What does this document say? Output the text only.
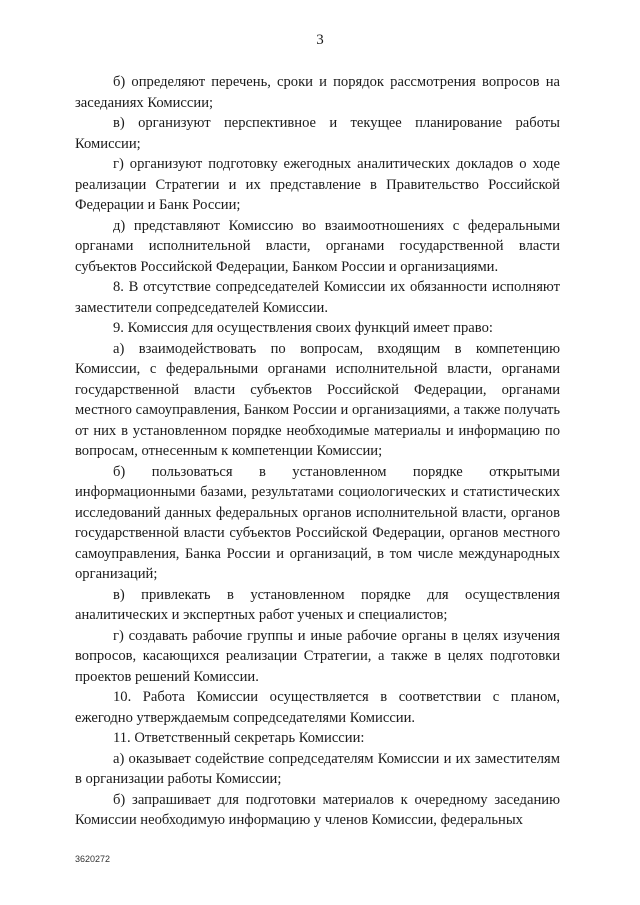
3

б) определяют перечень, сроки и порядок рассмотрения вопросов на заседаниях Комиссии;

в) организуют перспективное и текущее планирование работы Комиссии;

г) организуют подготовку ежегодных аналитических докладов о ходе реализации Стратегии и их представление в Правительство Российской Федерации и Банк России;

д) представляют Комиссию во взаимоотношениях с федеральными органами исполнительной власти, органами государственной власти субъектов Российской Федерации, Банком России и организациями.

8. В отсутствие сопредседателей Комиссии их обязанности исполняют заместители сопредседателей Комиссии.

9. Комиссия для осуществления своих функций имеет право:

а) взаимодействовать по вопросам, входящим в компетенцию Комиссии, с федеральными органами исполнительной власти, органами государственной власти субъектов Российской Федерации, органами местного самоуправления, Банком России и организациями, а также получать от них в установленном порядке необходимые материалы и информацию по вопросам, отнесенным к компетенции Комиссии;

б) пользоваться в установленном порядке открытыми информационными базами, результатами социологических и статистических исследований данных федеральных органов исполнительной власти, органов государственной власти субъектов Российской Федерации, органов местного самоуправления, Банка России и организаций, в том числе международных организаций;

в) привлекать в установленном порядке для осуществления аналитических и экспертных работ ученых и специалистов;

г) создавать рабочие группы и иные рабочие органы в целях изучения вопросов, касающихся реализации Стратегии, а также в целях подготовки проектов решений Комиссии.

10. Работа Комиссии осуществляется в соответствии с планом, ежегодно утверждаемым сопредседателями Комиссии.

11. Ответственный секретарь Комиссии:

а) оказывает содействие сопредседателям Комиссии и их заместителям в организации работы Комиссии;

б) запрашивает для подготовки материалов к очередному заседанию Комиссии необходимую информацию у членов Комиссии, федеральных

3620272
